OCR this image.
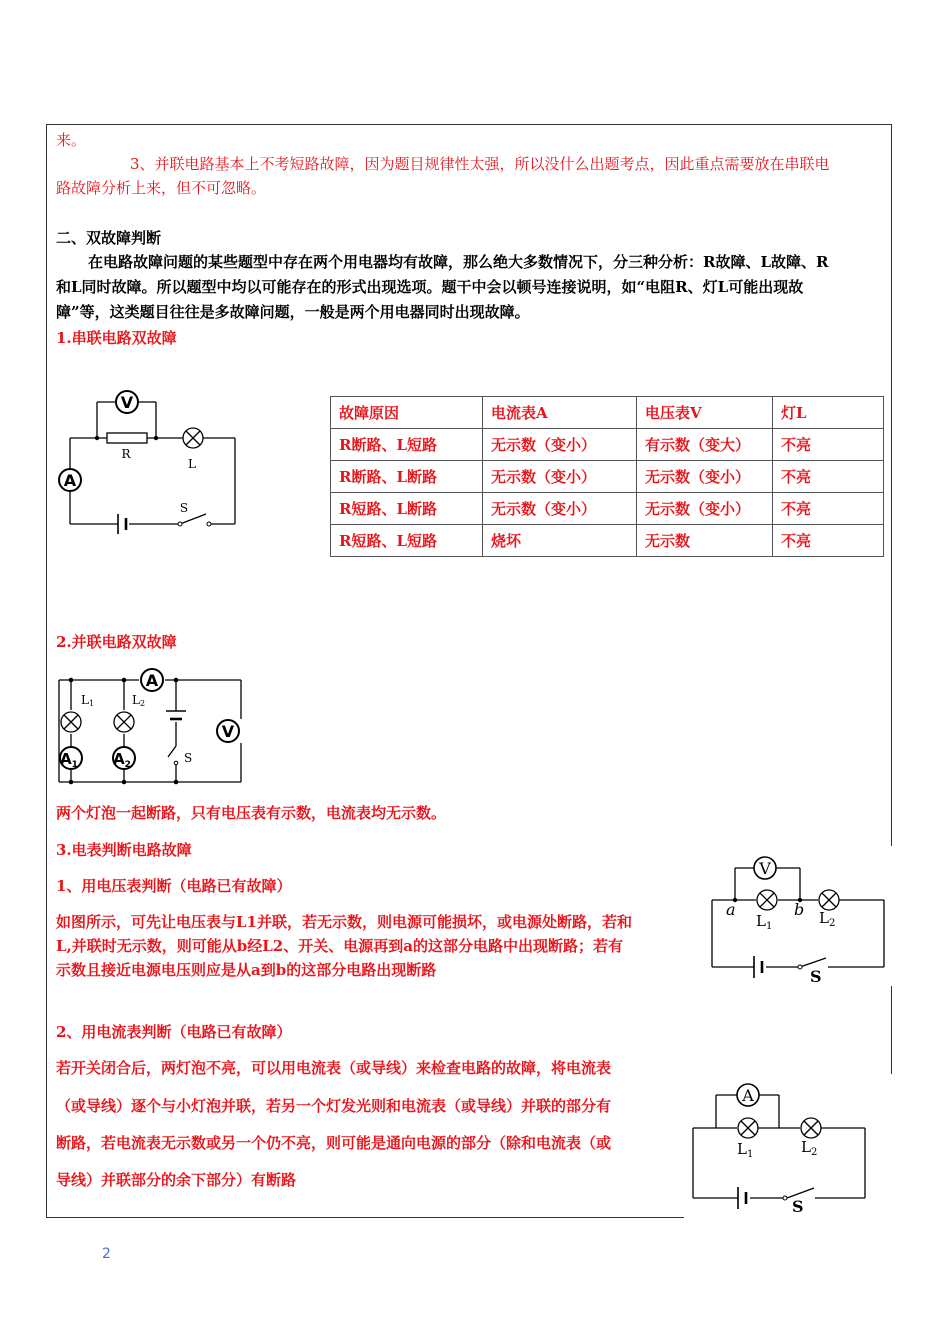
来。
3、并联电路基本上不考短路故障，因为题目规律性太强，所以没什么出题考点，因此重点需要放在串联电
路故障分析上来，但不可忽略。
二、双故障判断
在电路故障问题的某些题型中存在两个用电器均有故障，那么绝大多数情况下，分三种分析：R故障、L故障、R
和L同时故障。所以题型中均以可能存在的形式出现选项。题干中会以顿号连接说明，如“电阻R、灯L可能出现故
障”等，这类题目往往是多故障问题，一般是两个用电器同时出现故障。
1.串联电路双故障
V
A
R
L
S
故障原因	电流表A	电压表V	灯L
R断路、L短路	无示数（变小）	有示数（变大）	不亮
R断路、L断路	无示数（变小）	无示数（变小）	不亮
R短路、L断路	无示数（变小）	无示数（变小）	不亮
R短路、L短路	烧坏	无示数	不亮
2.并联电路双故障
A
V
$A_1$ $A_2$
L1	L2
S
两个灯泡一起断路，只有电压表有示数，电流表均无示数。
3.电表判断电路故障
1、用电压表判断（电路已有故障）
如图所示，可先让电压表与L1并联，若无示数，则电源可能损坏，或电源处断路，若和
L,并联时无示数，则可能从b经L2、开关、电源再到a的这部分电路中出现断路；若有
示数且接近电源电压则应是从a到b的这部分电路出现断路
V
a	b
$L_1$	$L_2$
S
2、用电流表判断（电路已有故障）
若开关闭合后，两灯泡不亮，可以用电流表（或导线）来检查电路的故障，将电流表
（或导线）逐个与小灯泡并联，若另一个灯发光则和电流表（或导线）并联的部分有
断路，若电流表无示数或另一个仍不亮，则可能是通向电源的部分（除和电流表（或
导线）并联部分的余下部分）有断路
A
$L_1$	$L_2$
S
2
